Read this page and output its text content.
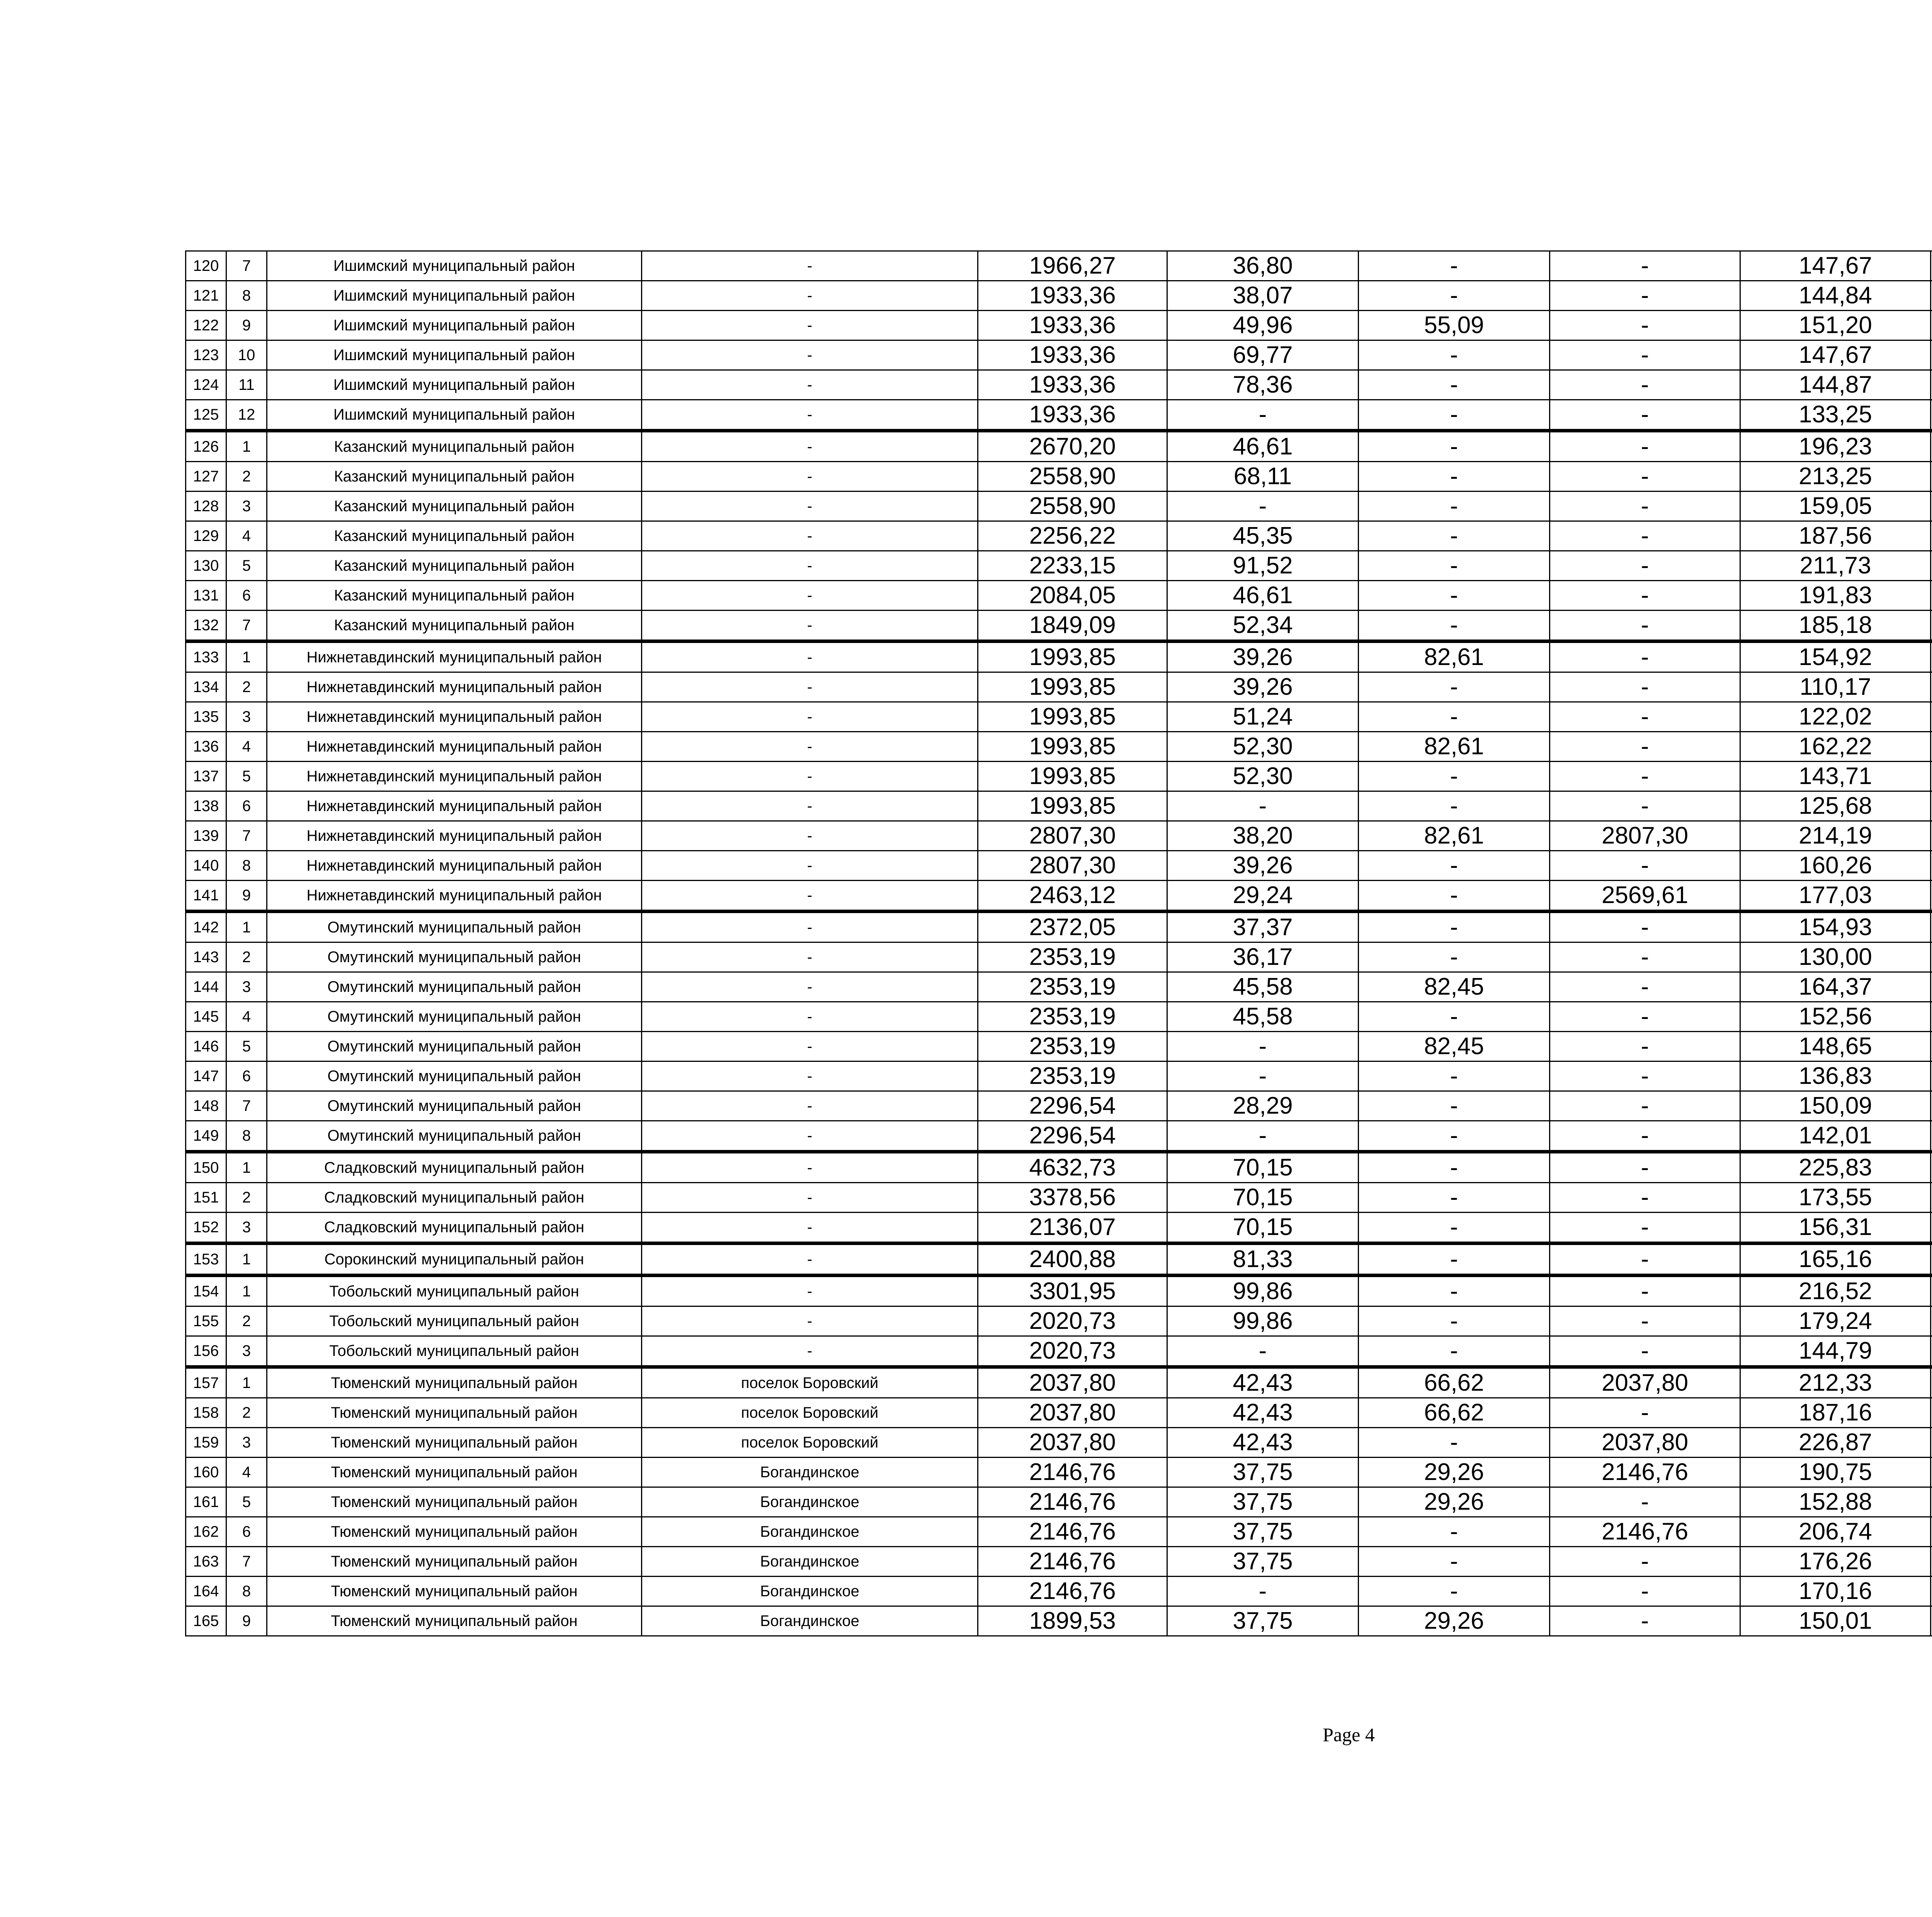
120	7	Ишимский муниципальный район	-	1966,27	36,80	-	-	147,67			
121	8	Ишимский муниципальный район	-	1933,36	38,07	-	-	144,84			
122	9	Ишимский муниципальный район	-	1933,36	49,96	55,09	-	151,20			
123	10	Ишимский муниципальный район	-	1933,36	69,77	-	-	147,67			
124	11	Ишимский муниципальный район	-	1933,36	78,36	-	-	144,87			
125	12	Ишимский муниципальный район	-	1933,36	-	-	-	133,25			
126	1	Казанский муниципальный район	-	2670,20	46,61	-	-	196,23			
127	2	Казанский муниципальный район	-	2558,90	68,11	-	-	213,25			
128	3	Казанский муниципальный район	-	2558,90	-	-	-	159,05			
129	4	Казанский муниципальный район	-	2256,22	45,35	-	-	187,56			
130	5	Казанский муниципальный район	-	2233,15	91,52	-	-	211,73			
131	6	Казанский муниципальный район	-	2084,05	46,61	-	-	191,83			
132	7	Казанский муниципальный район	-	1849,09	52,34	-	-	185,18			
133	1	Нижнетавдинский муниципальный район	-	1993,85	39,26	82,61	-	154,92			
134	2	Нижнетавдинский муниципальный район	-	1993,85	39,26	-	-	110,17			
135	3	Нижнетавдинский муниципальный район	-	1993,85	51,24	-	-	122,02			
136	4	Нижнетавдинский муниципальный район	-	1993,85	52,30	82,61	-	162,22			
137	5	Нижнетавдинский муниципальный район	-	1993,85	52,30	-	-	143,71			
138	6	Нижнетавдинский муниципальный район	-	1993,85	-	-	-	125,68			
139	7	Нижнетавдинский муниципальный район	-	2807,30	38,20	82,61	2807,30	214,19			
140	8	Нижнетавдинский муниципальный район	-	2807,30	39,26	-	-	160,26			
141	9	Нижнетавдинский муниципальный район	-	2463,12	29,24	-	2569,61	177,03			
142	1	Омутинский муниципальный район	-	2372,05	37,37	-	-	154,93			
143	2	Омутинский муниципальный район	-	2353,19	36,17	-	-	130,00			
144	3	Омутинский муниципальный район	-	2353,19	45,58	82,45	-	164,37			
145	4	Омутинский муниципальный район	-	2353,19	45,58	-	-	152,56			
146	5	Омутинский муниципальный район	-	2353,19	-	82,45	-	148,65			
147	6	Омутинский муниципальный район	-	2353,19	-	-	-	136,83			
148	7	Омутинский муниципальный район	-	2296,54	28,29	-	-	150,09			
149	8	Омутинский муниципальный район	-	2296,54	-	-	-	142,01			
150	1	Сладковский муниципальный район	-	4632,73	70,15	-	-	225,83			
151	2	Сладковский муниципальный район	-	3378,56	70,15	-	-	173,55			
152	3	Сладковский муниципальный район	-	2136,07	70,15	-	-	156,31			
153	1	Сорокинский муниципальный район	-	2400,88	81,33	-	-	165,16			
154	1	Тобольский муниципальный район	-	3301,95	99,86	-	-	216,52			
155	2	Тобольский муниципальный район	-	2020,73	99,86	-	-	179,24			
156	3	Тобольский муниципальный район	-	2020,73	-	-	-	144,79			
157	1	Тюменский муниципальный район	поселок Боровский	2037,80	42,43	66,62	2037,80	212,33			
158	2	Тюменский муниципальный район	поселок Боровский	2037,80	42,43	66,62	-	187,16			
159	3	Тюменский муниципальный район	поселок Боровский	2037,80	42,43	-	2037,80	226,87			
160	4	Тюменский муниципальный район	Богандинское	2146,76	37,75	29,26	2146,76	190,75			
161	5	Тюменский муниципальный район	Богандинское	2146,76	37,75	29,26	-	152,88			
162	6	Тюменский муниципальный район	Богандинское	2146,76	37,75	-	2146,76	206,74			
163	7	Тюменский муниципальный район	Богандинское	2146,76	37,75	-	-	176,26			
164	8	Тюменский муниципальный район	Богандинское	2146,76	-	-	-	170,16			
165	9	Тюменский муниципальный район	Богандинское	1899,53	37,75	29,26	-	150,01			
Page 4
